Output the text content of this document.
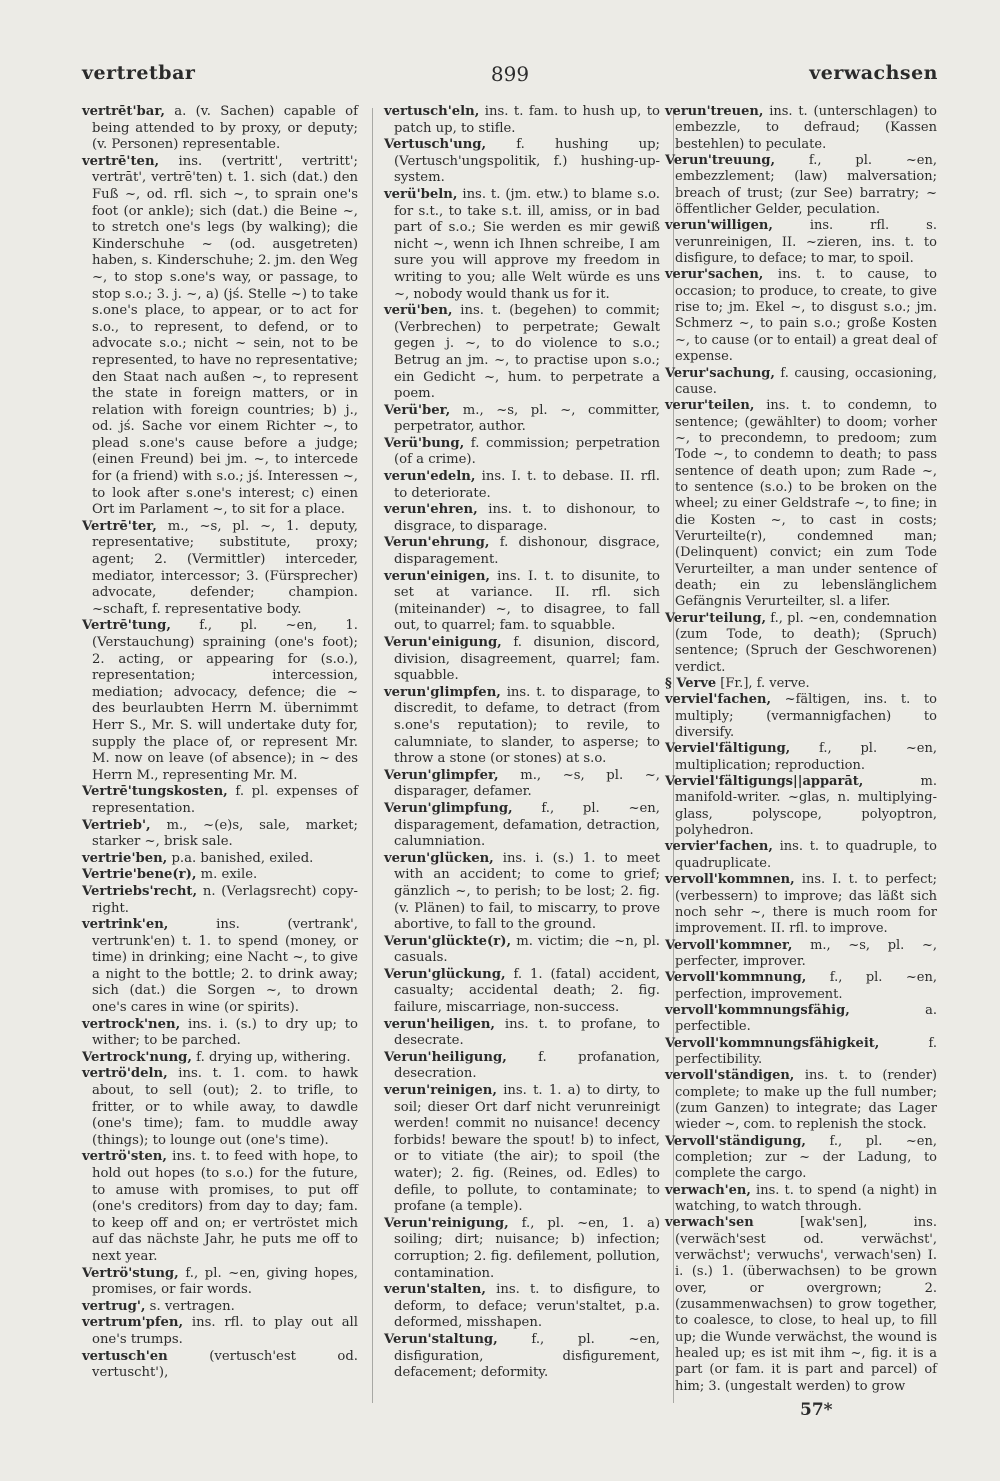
vertretbar	899	verwachsen

vertrēt'bar, a. (v. Sachen) capable of being attended to by proxy, or deputy; (v. Personen) representable.

vertrē'ten, ins. (vertritt', vertritt'; vertrāt', vertrē'ten) t. 1. sich (dat.) den Fuß ~, od. rfl. sich ~, to sprain one's foot (or ankle); sich (dat.) die Beine ~, to stretch one's legs (by walking); die Kinderschuhe ~ (od. ausgetreten) haben, s. Kinderschuhe; 2. jm. den Weg ~, to stop s.one's way, or passage, to stop s.o.; 3. j. ~, a) (jś. Stelle ~) to take s.one's place, to appear, or to act for s.o., to represent, to defend, or to advocate s.o.; nicht ~ sein, not to be represented, to have no representative; den Staat nach außen ~, to represent the state in foreign matters, or in relation with foreign countries; b) j., od. jś. Sache vor einem Richter ~, to plead s.one's cause before a judge; (einen Freund) bei jm. ~, to intercede for (a friend) with s.o.; jś. Interessen ~, to look after s.one's interest; c) einen Ort im Parlament ~, to sit for a place.

Vertrē'ter, m., ~s, pl. ~, 1. deputy, representative; substitute, proxy; agent; 2. (Vermittler) interceder, mediator, intercessor; 3. (Fürsprecher) advocate, defender; champion. ~schaft, f. representative body.

Vertrē'tung, f., pl. ~en, 1. (Verstauchung) spraining (one's foot); 2. acting, or appearing for (s.o.), representation; intercession, mediation; advocacy, defence; die ~ des beurlaubten Herrn M. übernimmt Herr S., Mr. S. will undertake duty for, supply the place of, or represent Mr. M. now on leave (of absence); in ~ des Herrn M., representing Mr. M.

Vertrē'tungskosten, f. pl. expenses of representation.

Vertrieb', m., ~(e)s, sale, market; starker ~, brisk sale.

vertrie'ben, p.a. banished, exiled.

Vertrie'bene(r), m. exile.

Vertriebs'recht, n. (Verlagsrecht) copy-right.

vertrink'en, ins. (vertrank', vertrunk'en) t. 1. to spend (money, or time) in drinking; eine Nacht ~, to give a night to the bottle; 2. to drink away; sich (dat.) die Sorgen ~, to drown one's cares in wine (or spirits).

vertrock'nen, ins. i. (s.) to dry up; to wither; to be parched.

Vertrock'nung, f. drying up, withering.

vertrö'deln, ins. t. 1. com. to hawk about, to sell (out); 2. to trifle, to fritter, or to while away, to dawdle (one's time); fam. to muddle away (things); to lounge out (one's time).

vertrö'sten, ins. t. to feed with hope, to hold out hopes (to s.o.) for the future, to amuse with promises, to put off (one's creditors) from day to day; fam. to keep off and on; er vertröstet mich auf das nächste Jahr, he puts me off to next year.

Vertrö'stung, f., pl. ~en, giving hopes, promises, or fair words.

vertrug', s. vertragen.

vertrum'pfen, ins. rfl. to play out all one's trumps.

vertusch'en (vertusch'est od. vertuscht'),

vertusch'eln, ins. t. fam. to hush up, to patch up, to stifle.

Vertusch'ung, f. hushing up; (Vertusch'ungspolitik, f.) hushing-up-system.

verü'beln, ins. t. (jm. etw.) to blame s.o. for s.t., to take s.t. ill, amiss, or in bad part of s.o.; Sie werden es mir gewiß nicht ~, wenn ich Ihnen schreibe, I am sure you will approve my freedom in writing to you; alle Welt würde es uns ~, nobody would thank us for it.

verü'ben, ins. t. (begehen) to commit; (Verbrechen) to perpetrate; Gewalt gegen j. ~, to do violence to s.o.; Betrug an jm. ~, to practise upon s.o.; ein Gedicht ~, hum. to perpetrate a poem.

Verü'ber, m., ~s, pl. ~, committer, perpetrator, author.

Verü'bung, f. commission; perpetration (of a crime).

verun'edeln, ins. I. t. to debase. II. rfl. to deteriorate.

verun'ehren, ins. t. to dishonour, to disgrace, to disparage.

Verun'ehrung, f. dishonour, disgrace, disparagement.

verun'einigen, ins. I. t. to disunite, to set at variance. II. rfl. sich (miteinander) ~, to disagree, to fall out, to quarrel; fam. to squabble.

Verun'einigung, f. disunion, discord, division, disagreement, quarrel; fam. squabble.

verun'glimpfen, ins. t. to disparage, to discredit, to defame, to detract (from s.one's reputation); to revile, to calumniate, to slander, to asperse; to throw a stone (or stones) at s.o.

Verun'glimpfer, m., ~s, pl. ~, disparager, defamer.

Verun'glimpfung, f., pl. ~en, disparagement, defamation, detraction, calumniation.

verun'glücken, ins. i. (s.) 1. to meet with an accident; to come to grief; gänzlich ~, to perish; to be lost; 2. fig. (v. Plänen) to fail, to miscarry, to prove abortive, to fall to the ground.

Verun'glückte(r), m. victim; die ~n, pl. casuals.

Verun'glückung, f. 1. (fatal) accident, casualty; accidental death; 2. fig. failure, miscarriage, non-success.

verun'heiligen, ins. t. to profane, to desecrate.

Verun'heiligung, f. profanation, desecration.

verun'reinigen, ins. t. 1. a) to dirty, to soil; dieser Ort darf nicht verunreinigt werden! commit no nuisance! decency forbids! beware the spout! b) to infect, or to vitiate (the air); to spoil (the water); 2. fig. (Reines, od. Edles) to defile, to pollute, to contaminate; to profane (a temple).

Verun'reinigung, f., pl. ~en, 1. a) soiling; dirt; nuisance; b) infection; corruption; 2. fig. defilement, pollution, contamination.

verun'stalten, ins. t. to disfigure, to deform, to deface; verun'staltet, p.a. deformed, misshapen.

Verun'staltung, f., pl. ~en, disfiguration, disfigurement, defacement; deformity.

verun'treuen, ins. t. (unterschlagen) to embezzle, to defraud; (Kassen bestehlen) to peculate.

Verun'treuung, f., pl. ~en, embezzlement; (law) malversation; breach of trust; (zur See) barratry; ~ öffentlicher Gelder, peculation.

verun'willigen, ins. rfl. s. verunreinigen, II. ~zieren, ins. t. to disfigure, to deface; to mar, to spoil.

verur'sachen, ins. t. to cause, to occasion; to produce, to create, to give rise to; jm. Ekel ~, to disgust s.o.; jm. Schmerz ~, to pain s.o.; große Kosten ~, to cause (or to entail) a great deal of expense.

Verur'sachung, f. causing, occasioning, cause.

verur'teilen, ins. t. to condemn, to sentence; (gewählter) to doom; vorher ~, to precondemn, to predoom; zum Tode ~, to condemn to death; to pass sentence of death upon; zum Rade ~, to sentence (s.o.) to be broken on the wheel; zu einer Geldstrafe ~, to fine; in die Kosten ~, to cast in costs; Verurteilte(r), condemned man; (Delinquent) convict; ein zum Tode Verurteilter, a man under sentence of death; ein zu lebenslänglichem Gefängnis Verurteilter, sl. a lifer.

Verur'teilung, f., pl. ~en, condemnation (zum Tode, to death); (Spruch) sentence; (Spruch der Geschworenen) verdict.

§ Verve [Fr.], f. verve.

verviel'fachen, ~fältigen, ins. t. to multiply; (vermannigfachen) to diversify.

Verviel'fältigung, f., pl. ~en, multiplication; reproduction.

Verviel'fältigungs||apparāt, m. manifold-writer. ~glas, n. multiplying-glass, polyscope, polyoptron, polyhedron.

vervier'fachen, ins. t. to quadruple, to quadruplicate.

vervoll'kommnen, ins. I. t. to perfect; (verbessern) to improve; das läßt sich noch sehr ~, there is much room for improvement. II. rfl. to improve.

Vervoll'kommner, m., ~s, pl. ~, perfecter, improver.

Vervoll'kommnung, f., pl. ~en, perfection, improvement.

vervoll'kommnungsfähig, a. perfectible.

Vervoll'kommnungsfähigkeit, f. perfectibility.

vervoll'ständigen, ins. t. to (render) complete; to make up the full number; (zum Ganzen) to integrate; das Lager wieder ~, com. to replenish the stock.

Vervoll'ständigung, f., pl. ~en, completion; zur ~ der Ladung, to complete the cargo.

verwach'en, ins. t. to spend (a night) in watching, to watch through.

verwach'sen [wak'sen], ins. (verwäch'sest od. verwächst', verwächst'; verwuchs', verwach'sen) I. i. (s.) 1. (überwachsen) to be grown over, or overgrown; 2. (zusammenwachsen) to grow together, to coalesce, to close, to heal up, to fill up; die Wunde verwächst, the wound is healed up; es ist mit ihm ~, fig. it is a part (or fam. it is part and parcel) of him; 3. (ungestalt werden) to grow

57*
